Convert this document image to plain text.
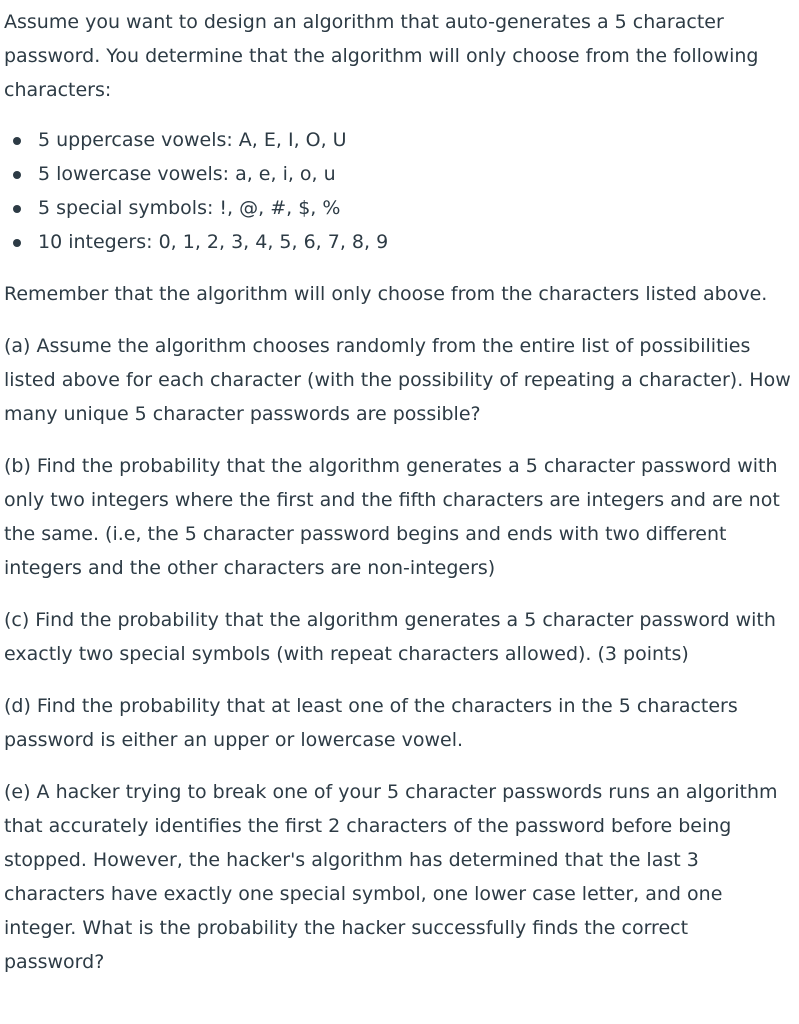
Assume you want to design an algorithm that auto-generates a 5 character password. You determine that the algorithm will only choose from the following characters:

5 uppercase vowels: A, E, I, O, U
5 lowercase vowels: a, e, i, o, u
5 special symbols: !, @, #, $, %
10 integers: 0, 1, 2, 3, 4, 5, 6, 7, 8, 9

Remember that the algorithm will only choose from the characters listed above.

(a) Assume the algorithm chooses randomly from the entire list of possibilities listed above for each character (with the possibility of repeating a character). How many unique 5 character passwords are possible?

(b) Find the probability that the algorithm generates a 5 character password with only two integers where the first and the fifth characters are integers and are not the same. (i.e, the 5 character password begins and ends with two different integers and the other characters are non-integers)

(c) Find the probability that the algorithm generates a 5 character password with exactly two special symbols (with repeat characters allowed). (3 points)

(d) Find the probability that at least one of the characters in the 5 characters password is either an upper or lowercase vowel.

(e) A hacker trying to break one of your 5 character passwords runs an algorithm that accurately identifies the first 2 characters of the password before being stopped. However, the hacker's algorithm has determined that the last 3 characters have exactly one special symbol, one lower case letter, and one integer. What is the probability the hacker successfully finds the correct password?
